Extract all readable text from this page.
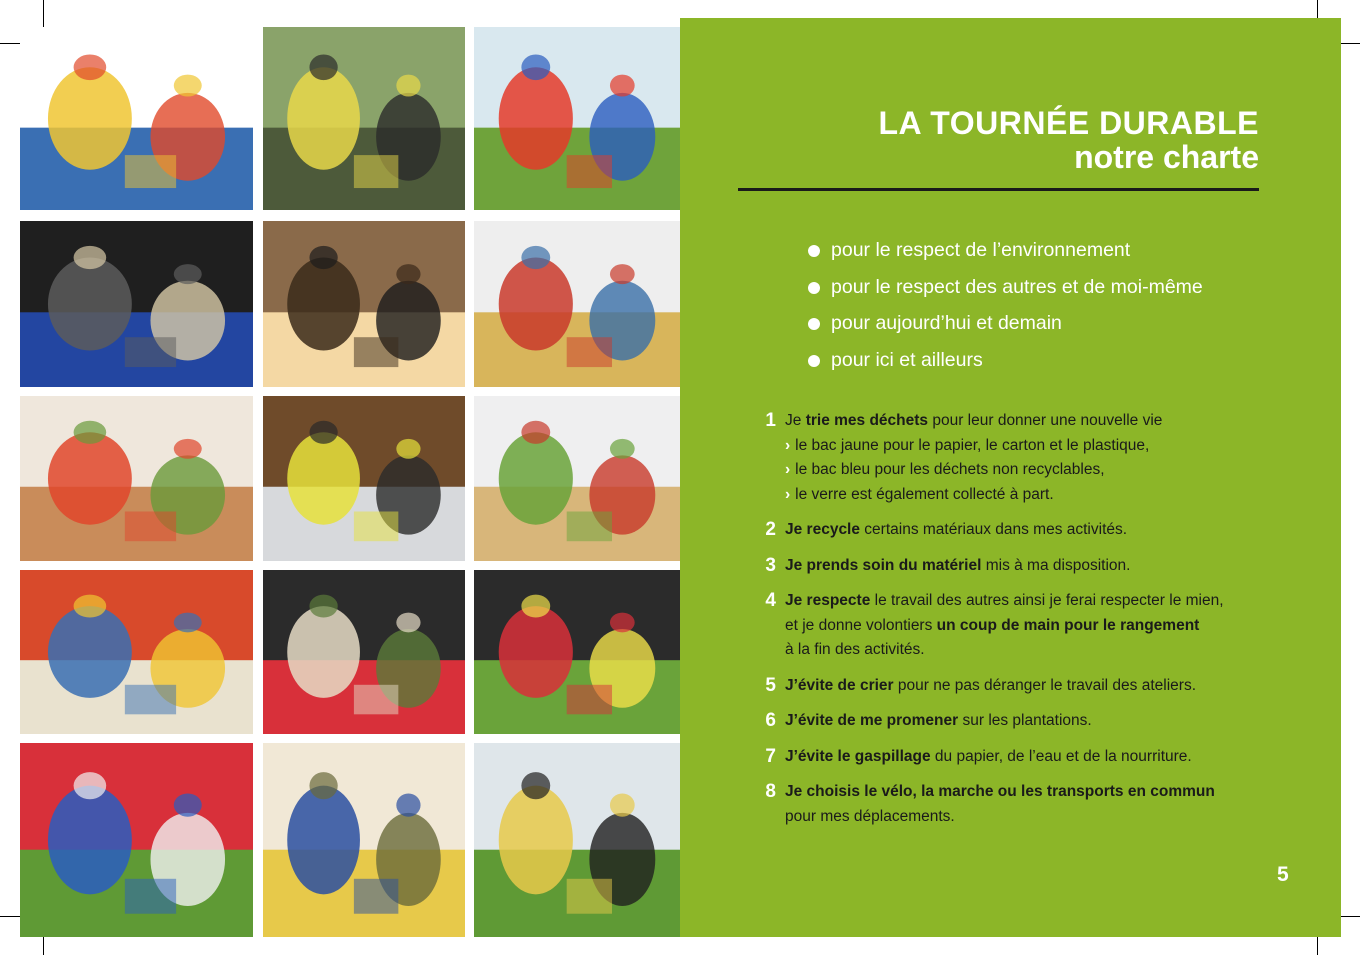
LA TOURNÉE DURABLE
notre charte
pour le respect de l’environnement
pour le respect des autres et de moi-même
pour aujourd’hui et demain
pour ici et ailleurs
1 Je trie mes déchets pour leur donner une nouvelle vie
› le bac jaune pour le papier, le carton et le plastique,
› le bac bleu pour les déchets non recyclables,
› le verre est également collecté à part.
2 Je recycle certains matériaux dans mes activités.
3 Je prends soin du matériel mis à ma disposition.
4 Je respecte le travail des autres ainsi je ferai respecter le mien,
et je donne volontiers un coup de main pour le rangement
à la fin des activités.
5 J’évite de crier pour ne pas déranger le travail des ateliers.
6 J’évite de me promener sur les plantations.
7 J’évite le gaspillage du papier, de l’eau et de la nourriture.
8 Je choisis le vélo, la marche ou les transports en commun
pour mes déplacements.
5
